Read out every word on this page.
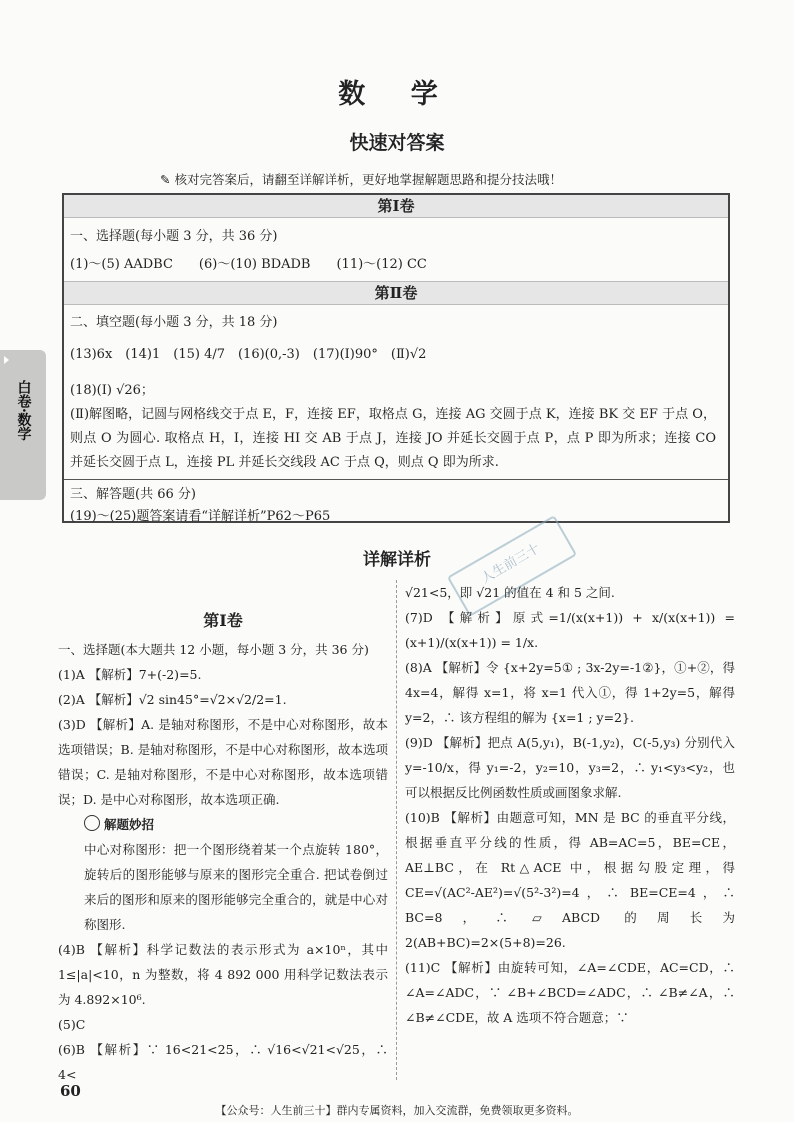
数 学
快速对答案
✎ 核对完答案后，请翻至详解详析，更好地掌握解题思路和提分技法哦！
第Ⅰ卷
一、选择题(每小题 3 分，共 36 分)
(1)～(5) AADBC　　(6)～(10) BDADB　　(11)～(12) CC
第Ⅱ卷
二、填空题(每小题 3 分，共 18 分)
(13)6x　(14)1　(15) 4/7　(16)(0,-3)　(17)(Ⅰ)90°　(Ⅱ)√2
(18)(Ⅰ) √26；
(Ⅱ)解图略，记圆与网格线交于点 E，F，连接 EF，取格点 G，连接 AG 交圆于点 K，连接 BK 交 EF 于点 O，则点 O 为圆心. 取格点 H，I，连接 HI 交 AB 于点 J，连接 JO 并延长交圆于点 P，点 P 即为所求；连接 CO 并延长交圆于点 L，连接 PL 并延长交线段 AC 于点 Q，则点 Q 即为所求.
三、解答题(共 66 分)
(19)～(25)题答案请看“详解详析”P62～P65
白卷·数学
详解详析	人生前三十
第Ⅰ卷

一、选择题(本大题共 12 小题，每小题 3 分，共 36 分)

(1)A 【解析】7+(-2)=5.

(2)A 【解析】√2 sin45°=√2×√2/2=1.

(3)D 【解析】A. 是轴对称图形，不是中心对称图形，故本选项错误；B. 是轴对称图形，不是中心对称图形，故本选项错误；C. 是轴对称图形，不是中心对称图形，故本选项错误；D. 是中心对称图形，故本选项正确.

解题妙招

中心对称图形：把一个图形绕着某一个点旋转 180°，旋转后的图形能够与原来的图形完全重合. 把试卷倒过来后的图形和原来的图形能够完全重合的，就是中心对称图形.

(4)B 【解析】科学记数法的表示形式为 a×10ⁿ，其中 1≤|a|<10，n 为整数，将 4 892 000 用科学记数法表示为 4.892×10⁶.

(5)C

(6)B 【解析】∵ 16<21<25，∴ √16<√21<√25，∴ 4<

√21<5，即 √21 的值在 4 和 5 之间.

(7)D 【解析】原式=1/(x(x+1)) + x/(x(x+1)) = (x+1)/(x(x+1)) = 1/x.

(8)A 【解析】令 {x+2y=5① ; 3x-2y=-1②}，①+②，得 4x=4，解得 x=1，将 x=1 代入①，得 1+2y=5，解得 y=2，∴ 该方程组的解为 {x=1 ; y=2}.

(9)D 【解析】把点 A(5,y₁)，B(-1,y₂)，C(-5,y₃) 分别代入 y=-10/x，得 y₁=-2，y₂=10，y₃=2，∴ y₁<y₃<y₂，也可以根据反比例函数性质或画图象求解.

(10)B 【解析】由题意可知，MN 是 BC 的垂直平分线，根据垂直平分线的性质，得 AB=AC=5，BE=CE，AE⊥BC，在 Rt△ACE 中，根据勾股定理，得 CE=√(AC²-AE²)=√(5²-3²)=4，∴ BE=CE=4，∴ BC=8，∴ ▱ABCD 的周长为 2(AB+BC)=2×(5+8)=26.

(11)C 【解析】由旋转可知，∠A=∠CDE，AC=CD，∴ ∠A=∠ADC，∵ ∠B+∠BCD=∠ADC，∴ ∠B≠∠A，∴ ∠B≠∠CDE，故 A 选项不符合题意；∵

60
【公众号：人生前三十】群内专属资料，加入交流群，免费领取更多资料。
